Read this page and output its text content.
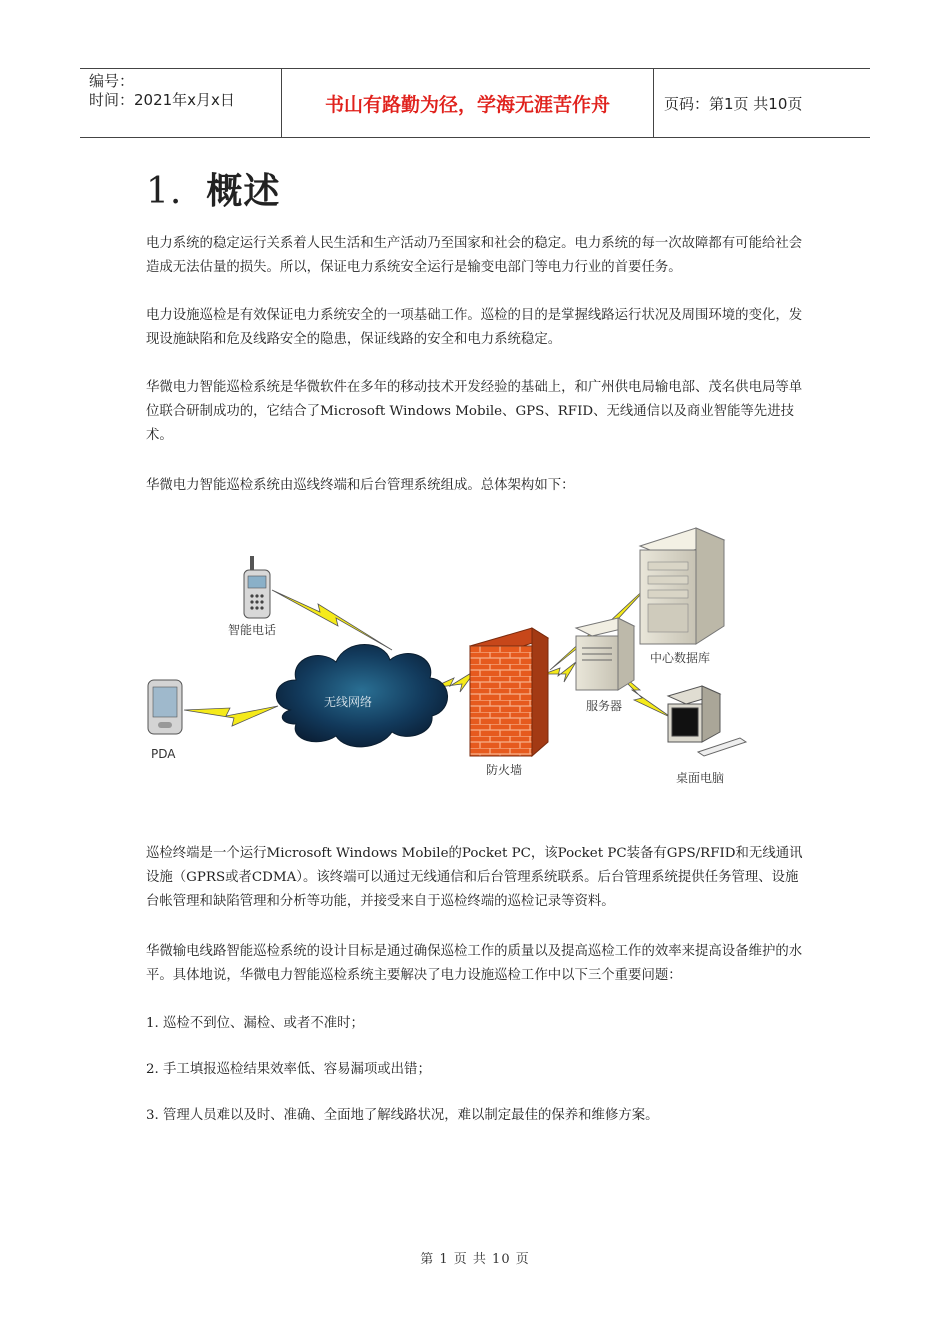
编号：
时间：2021年x月x日	书山有路勤为径，学海无涯苦作舟	页码：第1页 共10页
1. 概述
电力系统的稳定运行关系着人民生活和生产活动乃至国家和社会的稳定。电力系统的每一次故障都有可能给社会造成无法估量的损失。所以，保证电力系统安全运行是输变电部门等电力行业的首要任务。
电力设施巡检是有效保证电力系统安全的一项基础工作。巡检的目的是掌握线路运行状况及周围环境的变化，发现设施缺陷和危及线路安全的隐患，保证线路的安全和电力系统稳定。
华微电力智能巡检系统是华微软件在多年的移动技术开发经验的基础上，和广州供电局输电部、茂名供电局等单位联合研制成功的，它结合了Microsoft Windows Mobile、GPS、RFID、无线通信以及商业智能等先进技术。
华微电力智能巡检系统由巡线终端和后台管理系统组成。总体架构如下：
智能电话
PDA
无线网络
防火墙
服务器
中心数据库
桌面电脑
巡检终端是一个运行Microsoft Windows Mobile的Pocket PC，该Pocket PC装备有GPS/RFID和无线通讯设施（GPRS或者CDMA）。该终端可以通过无线通信和后台管理系统联系。后台管理系统提供任务管理、设施台帐管理和缺陷管理和分析等功能，并接受来自于巡检终端的巡检记录等资料。
华微输电线路智能巡检系统的设计目标是通过确保巡检工作的质量以及提高巡检工作的效率来提高设备维护的水平。具体地说，华微电力智能巡检系统主要解决了电力设施巡检工作中以下三个重要问题：
1. 巡检不到位、漏检、或者不准时；
2. 手工填报巡检结果效率低、容易漏项或出错；
3. 管理人员难以及时、准确、全面地了解线路状况，难以制定最佳的保养和维修方案。
第 1 页 共 10 页
